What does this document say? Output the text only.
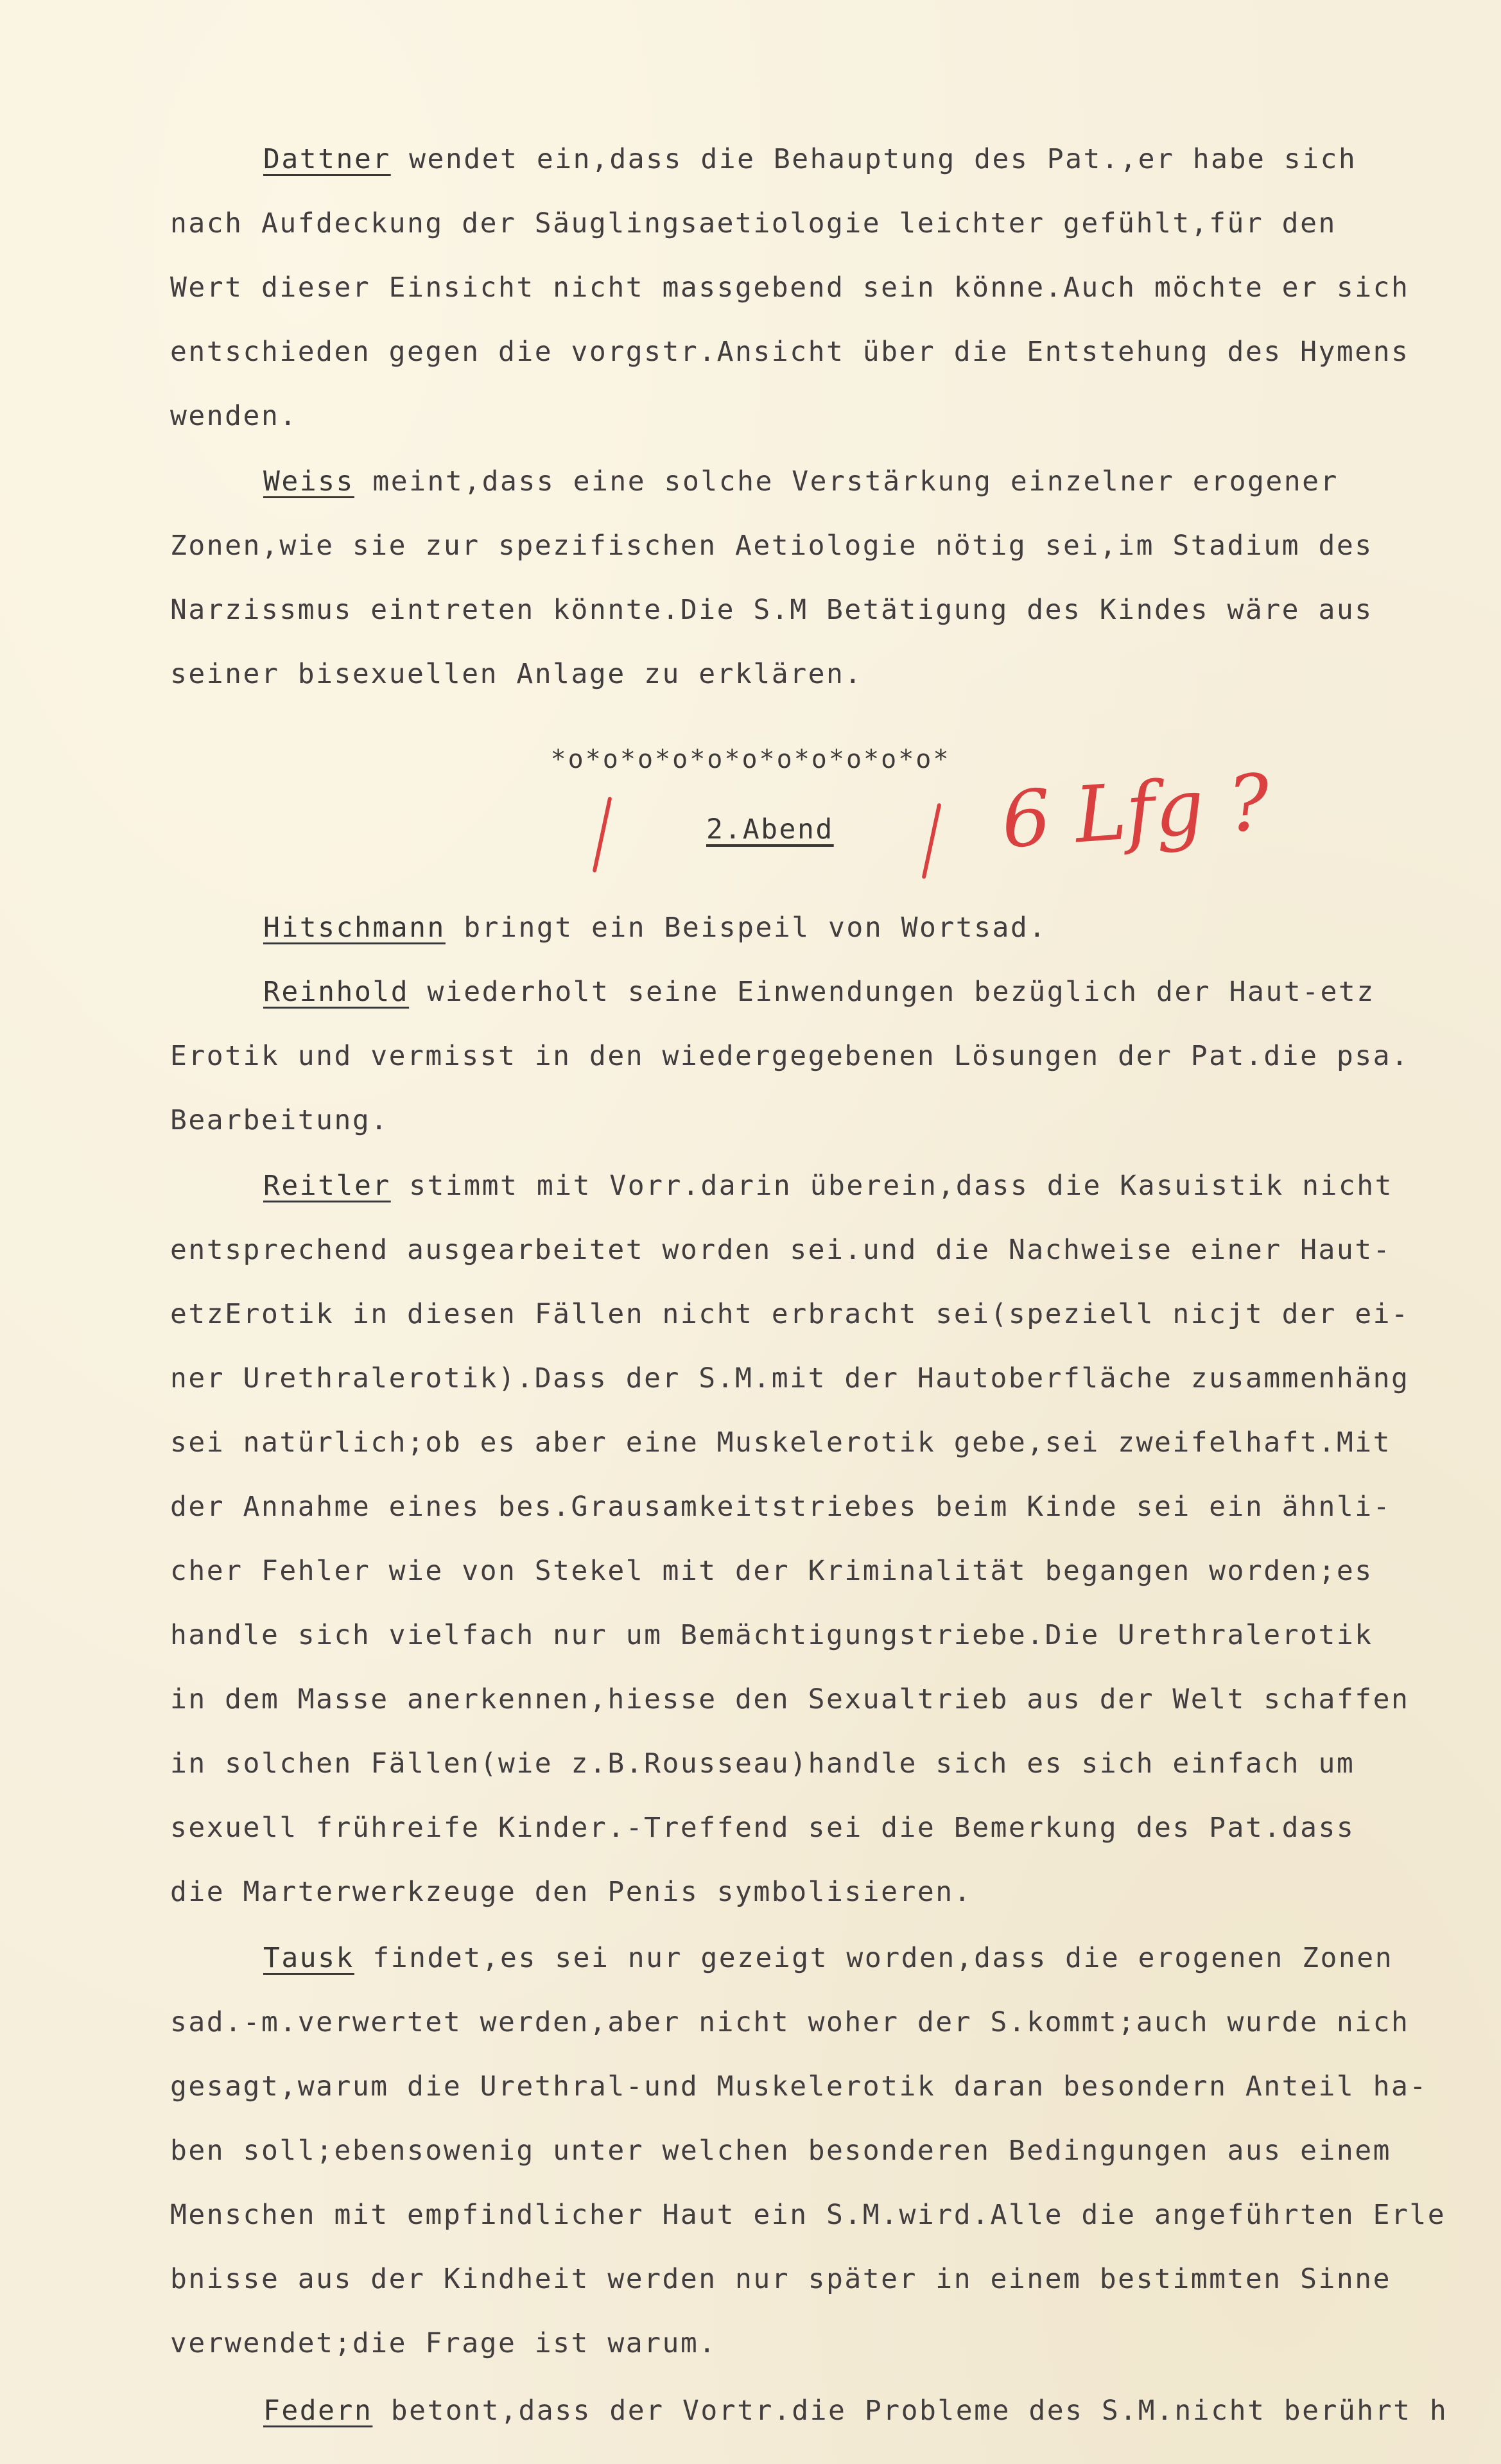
Dattner wendet ein,dass die Behauptung des Pat.,er habe sich
nach Aufdeckung der Säuglingsaetiologie leichter gefühlt,für den
Wert dieser Einsicht nicht massgebend sein könne.Auch möchte er sich
entschieden gegen die vorgstr.Ansicht über die Entstehung des Hymens
wenden.
Weiss meint,dass eine solche Verstärkung einzelner erogener
Zonen,wie sie zur spezifischen Aetiologie nötig sei,im Stadium des
Narzissmus eintreten könnte.Die S.M Betätigung des Kindes wäre aus
seiner bisexuellen Anlage zu erklären.
*o*o*o*o*o*o*o*o*o*o*o*
2.Abend 6 Lfg ?
Hitschmann bringt ein Beispeil von Wortsad.
Reinhold wiederholt seine Einwendungen bezüglich der Haut-etz
Erotik und vermisst in den wiedergegebenen Lösungen der Pat.die psa.
Bearbeitung.
Reitler stimmt mit Vorr.darin überein,dass die Kasuistik nicht
entsprechend ausgearbeitet worden sei.und die Nachweise einer Haut-
etzErotik in diesen Fällen nicht erbracht sei(speziell nicjt der ei-
ner Urethralerotik).Dass der S.M.mit der Hautoberfläche zusammenhäng
sei natürlich;ob es aber eine Muskelerotik gebe,sei zweifelhaft.Mit
der Annahme eines bes.Grausamkeitstriebes beim Kinde sei ein ähnli-
cher Fehler wie von Stekel mit der Kriminalität begangen worden;es
handle sich vielfach nur um Bemächtigungstriebe.Die Urethralerotik
in dem Masse anerkennen,hiesse den Sexualtrieb aus der Welt schaffen
in solchen Fällen(wie z.B.Rousseau)handle sich es sich einfach um
sexuell frühreife Kinder.-Treffend sei die Bemerkung des Pat.dass
die Marterwerkzeuge den Penis symbolisieren.
Tausk findet,es sei nur gezeigt worden,dass die erogenen Zonen
sad.-m.verwertet werden,aber nicht woher der S.kommt;auch wurde nich
gesagt,warum die Urethral-und Muskelerotik daran besondern Anteil ha-
ben soll;ebensowenig unter welchen besonderen Bedingungen aus einem
Menschen mit empfindlicher Haut ein S.M.wird.Alle die angeführten Erle
bnisse aus der Kindheit werden nur später in einem bestimmten Sinne
verwendet;die Frage ist warum.
Federn betont,dass der Vortr.die Probleme des S.M.nicht berührt h
